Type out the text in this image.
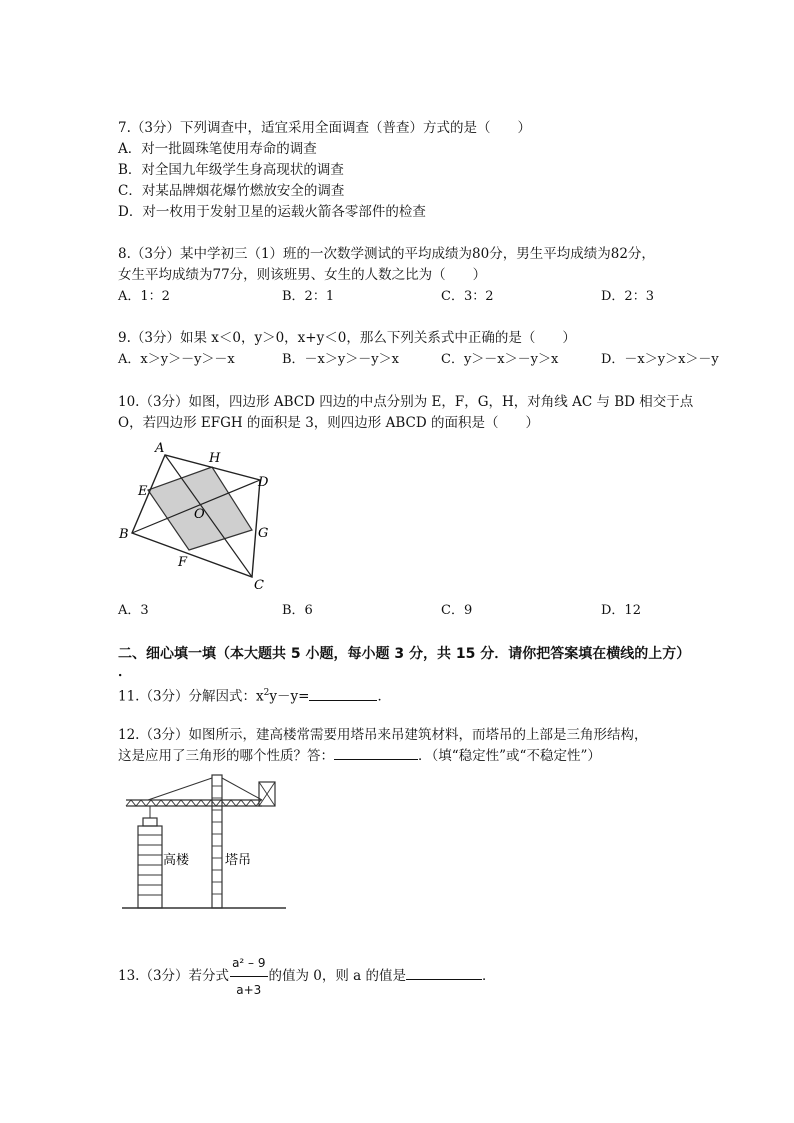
7.（3分）下列调查中，适宜采用全面调查（普查）方式的是（　　）
A．对一批圆珠笔使用寿命的调查
B．对全国九年级学生身高现状的调查
C．对某品牌烟花爆竹燃放安全的调查
D．对一枚用于发射卫星的运载火箭各零部件的检查
8.（3分）某中学初三（1）班的一次数学测试的平均成绩为80分，男生平均成绩为82分，
女生平均成绩为77分，则该班男、女生的人数之比为（　　）
A．1：2	B．2：1	C．3：2	D．2：3
9.（3分）如果 x＜0，y＞0，x+y＜0，那么下列关系式中正确的是（　　）
A．x＞y＞－y＞－x	B．－x＞y＞－y＞x	C．y＞－x＞－y＞x	D．－x＞y＞x＞－y
10.（3分）如图，四边形 ABCD 四边的中点分别为 E，F，G，H，对角线 AC 与 BD 相交于点
O，若四边形 EFGH 的面积是 3，则四边形 ABCD 的面积是（　　）
A
H
D
E
O
G
B
F
C
A．3	B．6	C．9	D．12
二、细心填一填（本大题共 5 小题，每小题 3 分，共 15 分．请你把答案填在横线的上方）
．
11.（3分）分解因式：$x^2y-y=$	．
12.（3分）如图所示，建高楼常需要用塔吊来吊建筑材料，而塔吊的上部是三角形结构，
这是应用了三角形的哪个性质？答：	．（填“稳定性”或“不稳定性”）
高楼	塔吊
13.（3分）若分式 $\frac{\text{a² – 9}}{a+3}$ 的值为 0，则 a 的值是	．
